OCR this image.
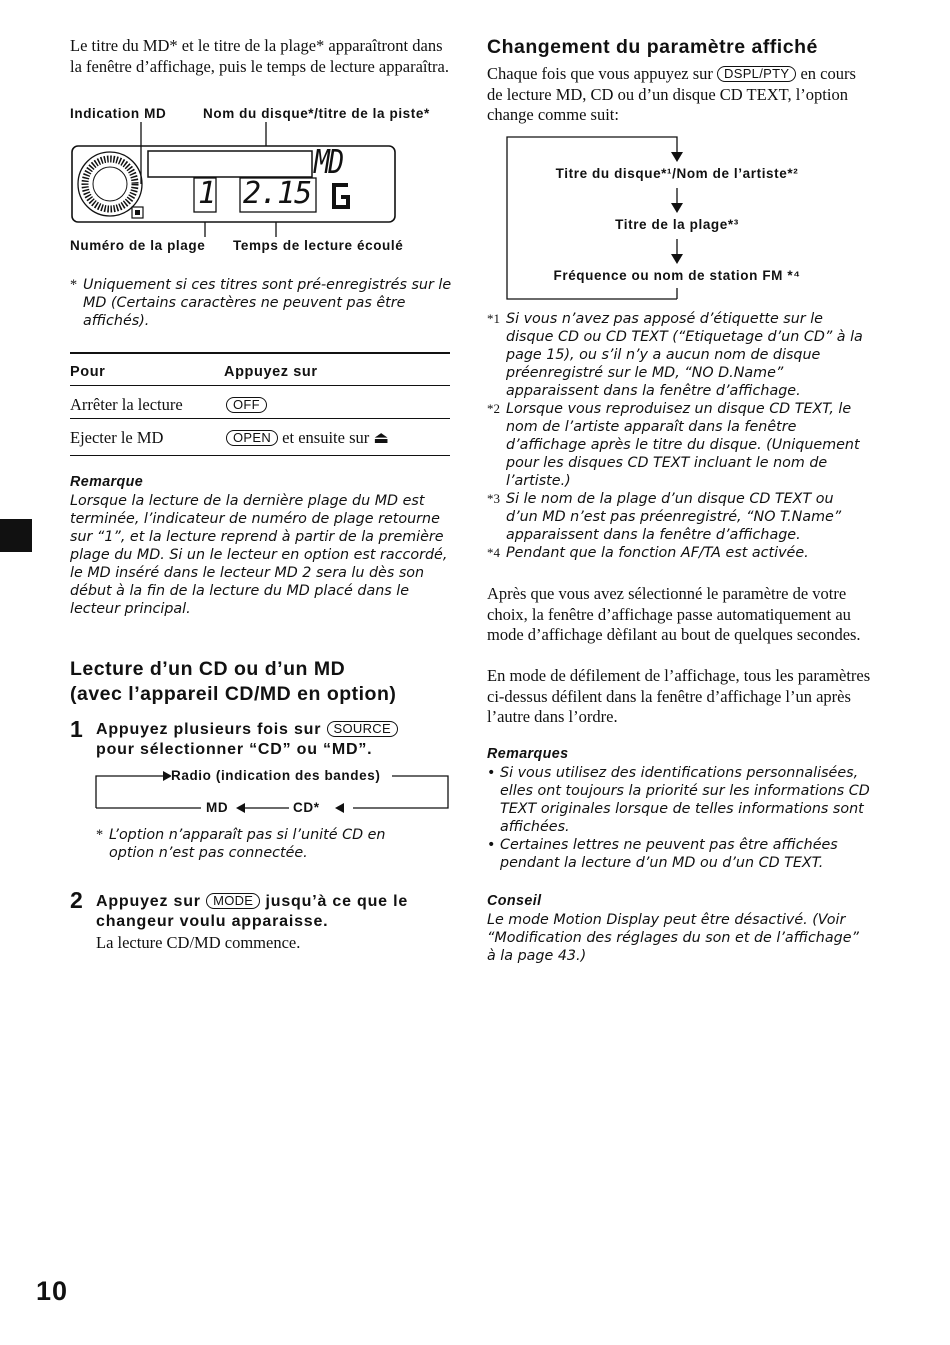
Le titre du MD* et le titre de la plage* apparaîtront dans la fenêtre d’affichage, puis le temps de lecture apparaîtra.
Indication MD	Nom du disque*/titre de la piste*
MD
1 2.15
Numéro de la plage Temps de lecture écoulé
* Uniquement si ces titres sont pré-enregistrés sur le MD (Certains caractères ne peuvent pas être affichés).
Pour	Appuyez sur
Arrêter la lecture	OFF
Ejecter le MD	OPEN et ensuite sur ⏏
Remarque
Lorsque la lecture de la dernière plage du MD est terminée, l’indicateur de numéro de plage retourne sur “1”, et la lecture reprend à partir de la première plage du MD. Si un le lecteur en option est raccordé, le MD inséré dans le lecteur MD 2 sera lu dès son début à la fin de la lecture du MD placé dans le lecteur principal.
Lecture d’un CD ou d’un MD
(avec l’appareil CD/MD en option)
1 Appuyez plusieurs fois sur SOURCE
pour sélectionner “CD” ou “MD”.
Radio (indication des bandes)
MD	CD*
* L’option n’apparaît pas si l’unité CD en option n’est pas connectée.
2 Appuyez sur MODE jusqu’à ce que le changeur voulu apparaisse.
La lecture CD/MD commence.
Changement du paramètre affiché
Chaque fois que vous appuyez sur DSPL/PTY en cours de lecture MD, CD ou d’un disque CD TEXT, l’option change comme suit:
Titre du disque*¹/Nom de l’artiste*²
Titre de la plage*³
Fréquence ou nom de station FM *⁴
*1 Si vous n’avez pas apposé d’étiquette sur le disque CD ou CD TEXT (“Etiquetage d’un CD” à la page 15), ou s’il n’y a aucun nom de disque préenregistré sur le MD, “NO D.Name” apparaissent dans la fenêtre d’affichage.
*2 Lorsque vous reproduisez un disque CD TEXT, le nom de l’artiste apparaît dans la fenêtre d’affichage après le titre du disque. (Uniquement pour les disques CD TEXT incluant le nom de l’artiste.)
*3 Si le nom de la plage d’un disque CD TEXT ou d’un MD n’est pas préenregistré, “NO T.Name” apparaissent dans la fenêtre d’affichage.
*4 Pendant que la fonction AF/TA est activée.
Après que vous avez sélectionné le paramètre de votre choix, la fenêtre d’affichage passe automatiquement au mode d’affichage dèfilant au bout de quelques secondes.
En mode de défilement de l’affichage, tous les paramètres ci-dessus défilent dans la fenêtre d’affichage l’un après l’autre dans l’ordre.
Remarques
• Si vous utilisez des identifications personnalisées, elles ont toujours la priorité sur les informations CD TEXT originales lorsque de telles informations sont affichées.
• Certaines lettres ne peuvent pas être affichées pendant la lecture d’un MD ou d’un CD TEXT.
Conseil
Le mode Motion Display peut être désactivé. (Voir “Modification des réglages du son et de l’affichage” à la page 43.)
10
